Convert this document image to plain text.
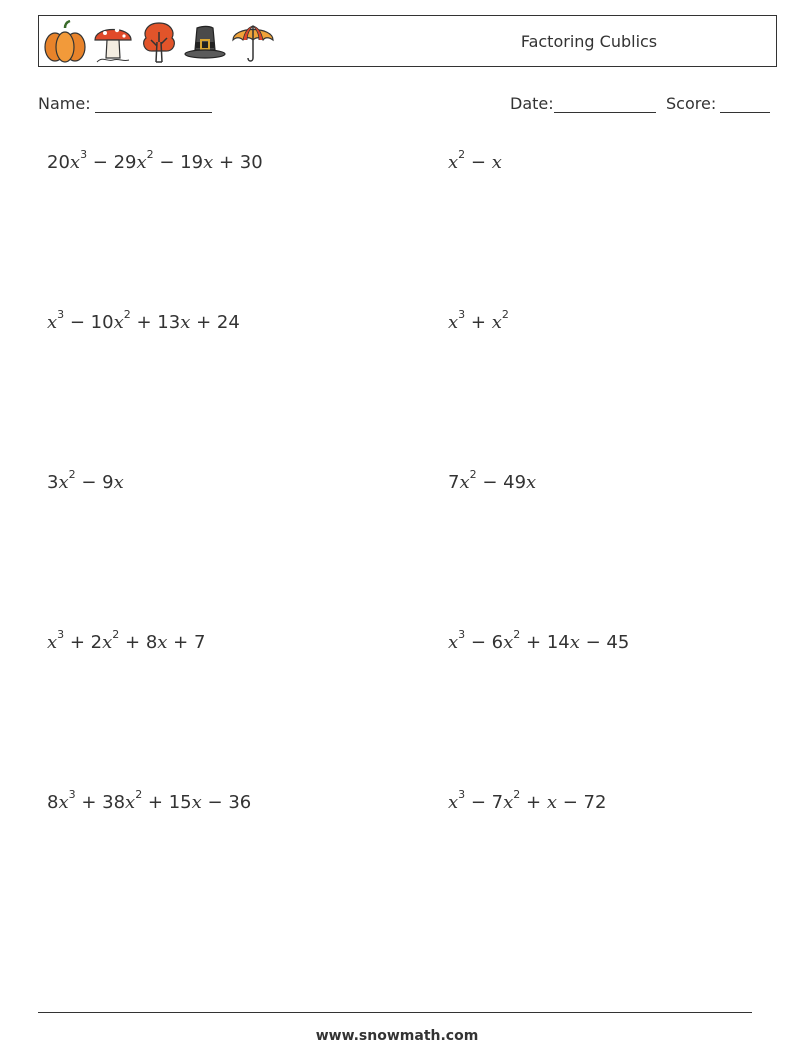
Factoring Cublics
Name:	Date:	Score:
$20x^3 - 29x^2 - 19x + 30$	$x^2 - x$
$x^3 - 10x^2 + 13x + 24$	$x^3 + x^2$
$3x^2 - 9x$	$7x^2 - 49x$
$x^3 + 2x^2 + 8x + 7$	$x^3 - 6x^2 + 14x - 45$
$8x^3 + 38x^2 + 15x - 36$	$x^3 - 7x^2 + x - 72$
www.snowmath.com
